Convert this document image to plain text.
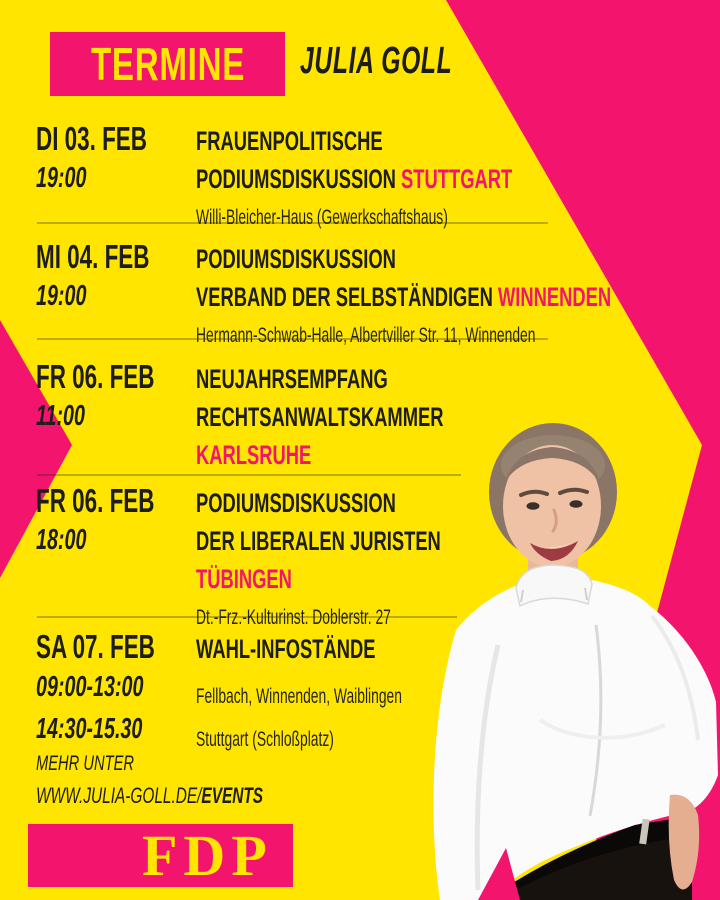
TERMINE JULIA GOLL
DI 03. FEB
19:00
FRAUENPOLITISCHE
PODIUMSDISKUSSION STUTTGART
Willi-Bleicher-Haus (Gewerkschaftshaus)
MI 04. FEB
19:00
PODIUMSDISKUSSION
VERBAND DER SELBSTÄNDIGEN WINNENDEN
Hermann-Schwab-Halle, Albertviller Str. 11, Winnenden
FR 06. FEB
11:00
NEUJAHRSEMPFANG
RECHTSANWALTSKAMMER
KARLSRUHE
FR 06. FEB
18:00
PODIUMSDISKUSSION
DER LIBERALEN JURISTEN
TÜBINGEN
Dt.-Frz.-Kulturinst. Doblerstr. 27
SA 07. FEB
09:00-13:00
14:30-15.30
WAHL-INFOSTÄNDE
Fellbach, Winnenden, Waiblingen
Stuttgart (Schloßplatz)
MEHR UNTER
WWW.JULIA-GOLL.DE/EVENTS
FDP
